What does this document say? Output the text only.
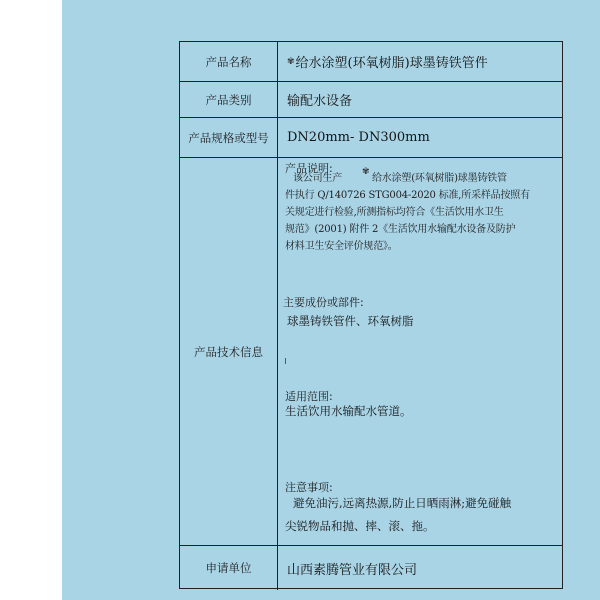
产品名称	✾ 给水涂塑(环氧树脂)球墨铸铁管件
产品类别	输配水设备
产品规格或型号	DN20mm- DN300mm
产品技术信息
产品说明:
该公司生产
✾
给水涂塑(环氧树脂)球墨铸铁管
件执行 Q/140726 STG004-2020 标准,所采样品按照有
关规定进行检验,所测指标均符合《生活饮用水卫生
规范》(2001) 附件 2《生活饮用水输配水设备及防护
材料卫生安全评价规范》。
主要成份或部件:
球墨铸铁管件、环氧树脂
适用范围:
生活饮用水输配水管道。
注意事项:
避免油污,远离热源,防止日晒雨淋;避免碰触
尖锐物品和抛、摔、滚、拖。
申请单位	山西素腾管业有限公司
